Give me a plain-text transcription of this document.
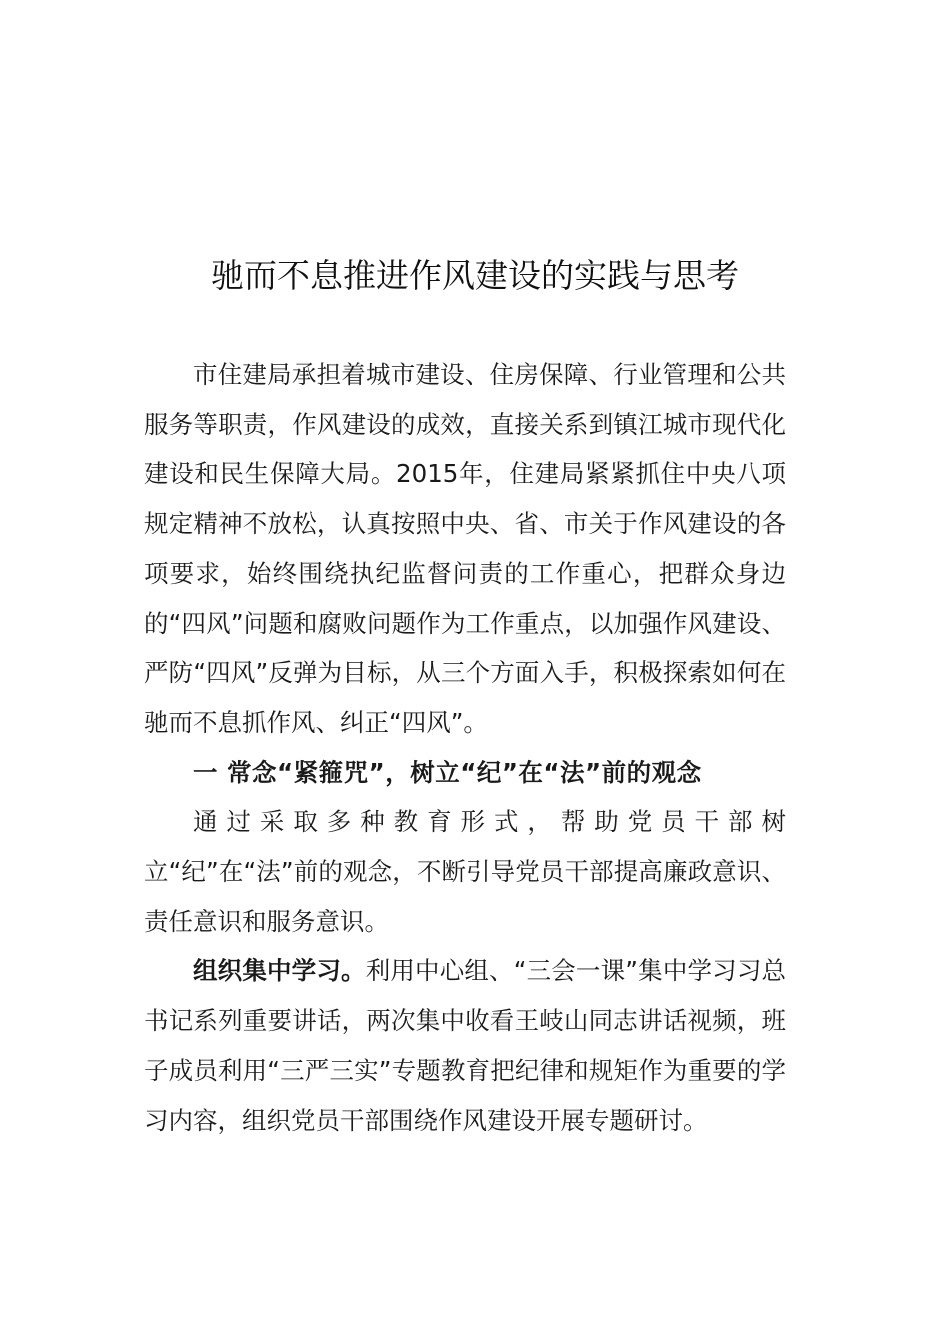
驰而不息推进作风建设的实践与思考

市住建局承担着城市建设、住房保障、行业管理和公共服务等职责，作风建设的成效，直接关系到镇江城市现代化建设和民生保障大局。2015年，住建局紧紧抓住中央八项规定精神不放松，认真按照中央、省、市关于作风建设的各项要求，始终围绕执纪监督问责的工作重心，把群众身边的“四风”问题和腐败问题作为工作重点，以加强作风建设、严防“四风”反弹为目标，从三个方面入手，积极探索如何在驰而不息抓作风、纠正“四风”。

一 常念“紧箍咒”，树立“纪”在“法”前的观念

通过采取多种教育形式，帮助党员干部树立“纪”在“法”前的观念，不断引导党员干部提高廉政意识、责任意识和服务意识。

组织集中学习。利用中心组、“三会一课”集中学习习总书记系列重要讲话，两次集中收看王岐山同志讲话视频，班子成员利用“三严三实”专题教育把纪律和规矩作为重要的学习内容，组织党员干部围绕作风建设开展专题研讨。
